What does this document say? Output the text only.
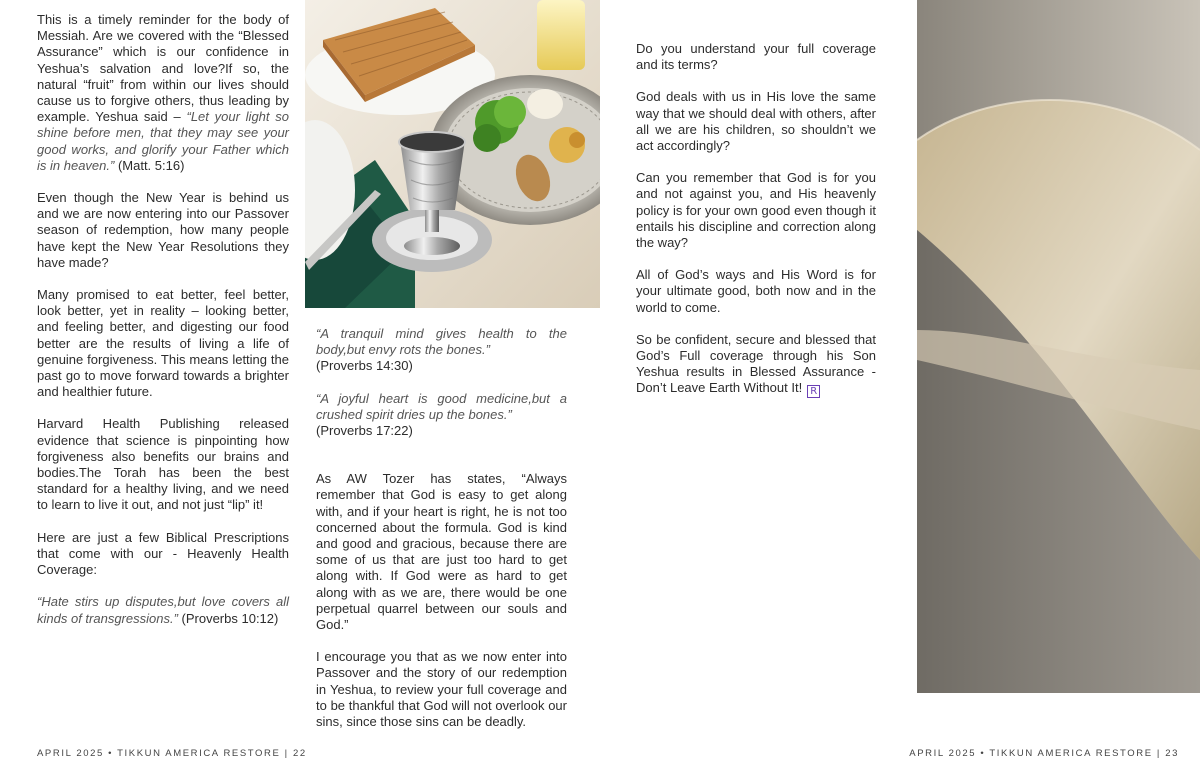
This is a timely reminder for the body of Messiah. Are we covered with the “Blessed Assurance” which is our confidence in Yeshua’s salvation and love?If so, the natural “fruit” from within our lives should cause us to forgive others, thus leading by example. Yeshua said – “Let your light so shine before men, that they may see your good works, and glorify your Father which is in heaven.” (Matt. 5:16)

Even though the New Year is behind us and we are now entering into our Passover season of redemption, how many people have kept the New Year Resolutions they have made?

Many promised to eat better, feel better, look better, yet in reality – looking better, and feeling better, and digesting our food better are the results of living a life of genuine forgiveness. This means letting the past go to move forward towards a brighter and healthier future.

Harvard Health Publishing released evidence that science is pinpointing how forgiveness also benefits our brains and bodies.The Torah has been the best standard for a healthy living, and we need to learn to live it out, and not just “lip” it!

Here are just a few Biblical Prescriptions that come with our - Heavenly Health Coverage:

“Hate stirs up disputes,but love covers all kinds of transgressions.” (Proverbs 10:12)

“A tranquil mind gives health to the body,but envy rots the bones.”
(Proverbs 14:30)

“A joyful heart is good medicine,but a crushed spirit dries up the bones.”
(Proverbs 17:22)

As AW Tozer has states, “Always remember that God is easy to get along with, and if your heart is right, he is not too concerned about the formula. God is kind and good and gracious, because there are some of us that are just too hard to get along with. If God were as hard to get along with as we are, there would be one perpetual quarrel between our souls and God.”

I encourage you that as we now enter into Passover and the story of our redemption in Yeshua, to review your full coverage and to be thankful that God will not overlook our sins, since those sins can be deadly.

APRIL 2025 • TIKKUN AMERICA RESTORE | 22

Do you understand your full coverage and its terms?

God deals with us in His love the same way that we should deal with others, after all we are his children, so shouldn’t we act accordingly?

Can you remember that God is for you and not against you, and His heavenly policy is for your own good even though it entails his discipline and correction along the way?

All of God’s ways and His Word is for your ultimate good, both now and in the world to come.

So be confident, secure and blessed that God’s Full coverage through his Son Yeshua results in Blessed Assurance - Don’t Leave Earth Without It! R

APRIL 2025 • TIKKUN AMERICA RESTORE | 23
